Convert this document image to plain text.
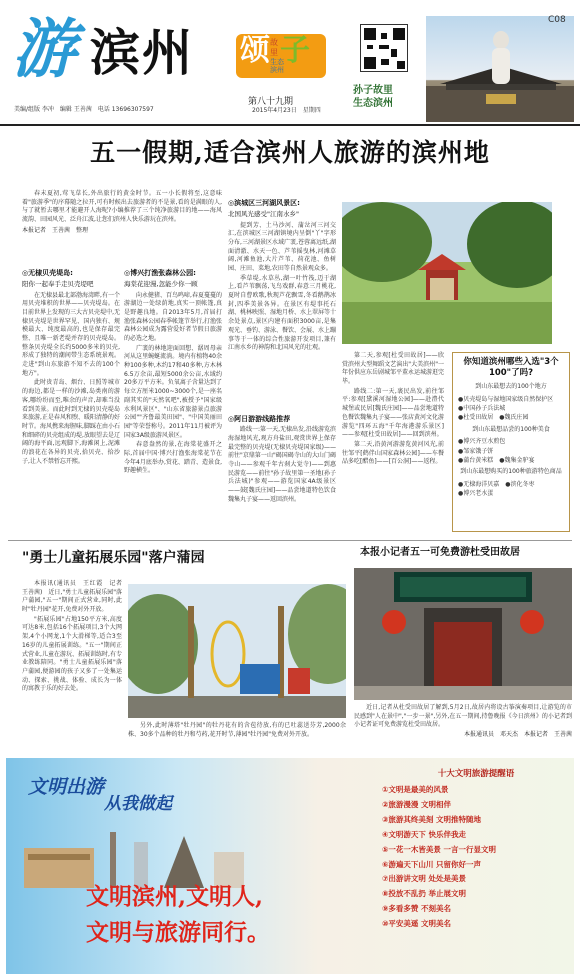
游 滨州 颂 故里
生态滨州
子
美编/组版 李冲　编辑 王善茜　电话 13696307597
第八十九期
2015年4月23日　星期四
孙子故里
生态滨州
C08
五一假期,适合滨州人旅游的滨州地

春未夏初,莺飞草长,外出旅行的黄金时节。五一小长假将至,这意味着"旅游季"的序幕随之拉开,可有时候出去旅游者的不是景,看的是满眼的人,与了就暂去哪里才能避开人海呢?小编推荐了三个纯净旅游目的地——海风流韵、田园风光、泛舟江波,让您们滨州人快乐游玩在滨州。

本报记者　王善茜　整理
◎无棣贝壳堤岛:
阳你一起奉手走贝壳堤吧

在无棣县最北部渤海湾畔,有一个用贝壳堆积的世界——贝壳堤岛。在目前世界上发现的三大古贝壳堤中,无棣贝壳堤是世界罕见、国内独有、规模最大、纯度最高的,也是保存最完整、且唯一新老堤并存的贝壳堤岛。整条贝壳堤全长约5000多米的贝壳,形成了独特的潮间带生态系统景观。走进"到山东旅游不知不去的100个地方"。

此时贵青岛、烟台、日照等城市的海边,都是一样的沙滩,岛类南的游客,哪纷纷而至,唯余的声音,却难当没看到美景。而此时到无棣的贝壳堤岛来旅游,正是春风和煦、暖阳清静的好时节。海风携来海腥味,脚踩在由小石和细碎的贝壳组成的堤,放眼望去是辽阔的海平面,远观脚下,海滩闲上,泥滩的浪花在各异的贝壳,拾贝壳、拾沙子,让人不禁暂忘开熙。

◎博兴打渔张森林公园:
海棠花迎漫,忽能少你一顾

向永健猪、百鸟鸣啼,春夏蔓蔓的游湖边一处绿荫地,真实一顶帐篷,真是野趣良地。自2013年5月,首届打渔张森林公园春季帐篷节举行,打渔张森林公园成为露营爱好者节假日旅游的必选之地。

广袤的林地迎面回想、潺周母亲河从这里蜿蜒流淌。境内有植物40余种100多种,木约17和40多种,方木林6.5万余亩,最短5000余公亩,水域约20多万平方米。负氧离子含量达到了每立方厘米1000~3000个,是一座名副其实的"天然氧吧",被授予"国家级水利风景区"、"山东省旅游景点旅游公园""齐鲁最美田园"、"中国美丽田园"等荣誉称号。2011年11月被评为国家3A级旅游风景区。

春意盎然的景,在海棠花盛开之际,首届中国·博兴打渔张海棠花节在今年4月底举办,赏花、踏青、造景食,野趣横生。

◎滨城区三河湖风景区:
北国风光感受"江南水乡"

提到芳、土马沙河、蒲岔河三河交汇,在滨城区三河湖镇境内呈倒"丫"字形分布,三河湖景区水域广袤,苍蓉离远纸,湖面清澈、水天一色、芦苇摇曳林,河滩草阔,河滩鱼池,大片芦苇、荷花池、鱼树园、庄田、菜地,农田等自然景观众多。

季草堤,水草丛,湖一叶竹筏,迈于湖上,看芦苇飘荡,飞鸟戏群,春意三月桃花,夏时自曹欧歌,秋现芦花飘雪,冬看鹅鹊冰封,四季美景各异。在景区有堤事托石湖、桃林映照、湿地月桥、水上翠屏等十余处景点,景区内建有面积3000亩,是集观光、垂钓、游泳、餐饮、会展、水上蹦事等于一体的综合性旅游开发项目,兼有江南水乡的神韵和北国风光的壮观。

◎阿日游游线路推荐

路线一:第一天,无棣出发,沿线游览滨海湿地风光,观方舟盐田,观赏世界上保存最完整的贝壳堤(无棣贝壳堤国家级)——前往"京鼎第一山"碣国碣寺山的大山门碣寺山——参观千年古刹大觉寺)——到惠民游览——前往"孙子故里第一圣地(孙子兵法城)"参观——游览国家4A级景区——鼓[魏氏庄园]——品尝地道特色饮食魏集丸子宴——返回滨州。

第二天,参观[杜受田故居]——欣赏滨州大型舞蹈文艺演出"大美滨州"一年份供应东岳剧城邹平董永运城游逛完毕。

路线二:第一天,裹民出发,前往邹平:参观[黛溪河湿地公园]——赴澧代城堡或民居[魏氏庄园]——品尝地道特色餐饮魏集丸子宴——张店黄河文化游游览"四环五海"千年海港游乐景区]——参观[杜受田故居]——回到滨州。

第二天,沿黄河游游览黄河风光,前往邹平[鹤伴山国家森林公园]——车餐品多吃[醋鱼]——[百公洞]——返程。

你知道滨州哪些入选"3个100"了吗?
到山东最想去的100个地方
●贝壳堤岛与湿地国家级自然保护区　●中国孙子兵法城
●杜受田故居　●魏氏庄园
到山东最想品尝的100种美食
●博兴齐豆水煎包
●邹家饿子饼
●蒲台黄米糕　●魏集金驴宴
到山东最想购买的100种旅游特色商品
●无棣海洋贝嘉　●滨化冬枣
●博兴老水蛋
"勇士儿童拓展乐园"落户蒲园

本报讯(通讯员　王红霞　记者　王善茜)　近日,"勇士儿童拓展乐园"落户蒲园,"五一"期间正式营业,同时,此时"牡丹园"花开,免费对外开放。

"拓展乐园"占地150平方米,高度可达8米,包括16个拓展项目,3个大网架,4个小网龙,1个大滑梯等,适合3至16岁的儿童拓展训练。"五一"期间正式营业,儿童在游玩、拓展训练时,有专业教练陪同。"勇士儿童拓展乐园"落户蒲园,便游园的孩子又多了一处集运动、探索、挑战、体验、成长为一体的寓教于乐的好去处。

另外,此时薄塔"牡丹园"的牡丹花有的含苞待放,有的已吐蕊送芬芳,2000余株、30多个品种的牡丹和芍药,花开时节,薄园"牡丹园"免费对外开放。

本报小记者五一可免费游杜受田故居

近日,记者从杜受田故居了解到,5月2日,故居内将设古筝演奏项目,让游览的市民感到"人在景中","一步一景",另外,在五一期间,持鲁晚报《今日滨州》的小记者到小记者证可免费游览杜受田故居。

本报通讯员　邓天杰　本报记者　王善茜
文明出游
从我做起
文明滨州,文明人,
文明与旅游同行。
十大文明旅游提醒语
①文明是最美的风景
②旅游漫漫 文明相伴
③旅游其终美刻 文明推特随地
④文明游天下 快乐伴我走
⑤一花一木皆美景 一言一行显文明
⑥游遍天下山川 只留你好一声
⑦出游讲文明 处处是美景
⑧投放不乱扔 举止展文明
⑨多看多赞 不刻美名
⑩平安美遥 文明美名
